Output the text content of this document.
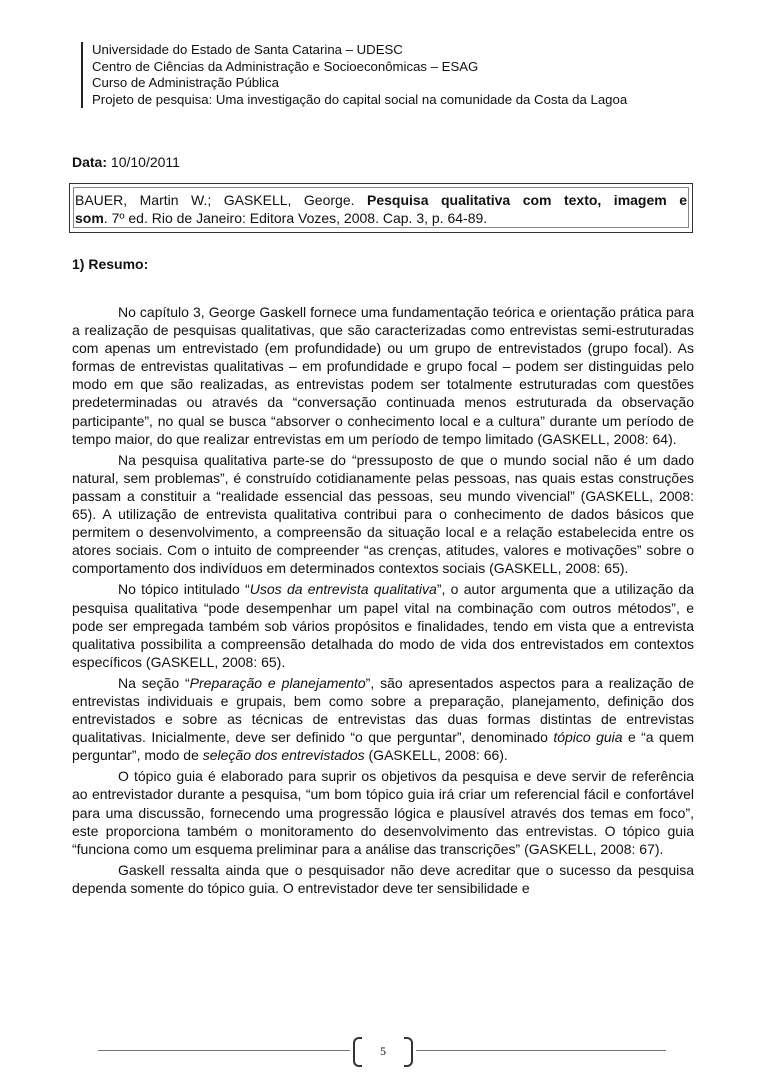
Universidade do Estado de Santa Catarina – UDESC
Centro de Ciências da Administração e Socioeconômicas – ESAG
Curso de Administração Pública
Projeto de pesquisa: Uma investigação do capital social na comunidade da Costa da Lagoa
Data: 10/10/2011

BAUER, Martin W.; GASKELL, George. Pesquisa qualitativa com texto, imagem e

som. 7º ed. Rio de Janeiro: Editora Vozes, 2008. Cap. 3, p. 64-89.

1) Resumo:

No capítulo 3, George Gaskell fornece uma fundamentação teórica e orientação prática para a realização de pesquisas qualitativas, que são caracterizadas como entrevistas semi-estruturadas com apenas um entrevistado (em profundidade) ou um grupo de entrevistados (grupo focal). As formas de entrevistas qualitativas – em profundidade e grupo focal – podem ser distinguidas pelo modo em que são realizadas, as entrevistas podem ser totalmente estruturadas com questões predeterminadas ou através da “conversação continuada menos estruturada da observação participante”, no qual se busca “absorver o conhecimento local e a cultura” durante um período de tempo maior, do que realizar entrevistas em um período de tempo limitado (GASKELL, 2008: 64).

Na pesquisa qualitativa parte-se do “pressuposto de que o mundo social não é um dado natural, sem problemas”, é construído cotidianamente pelas pessoas, nas quais estas construções passam a constituir a “realidade essencial das pessoas, seu mundo vivencial” (GASKELL, 2008: 65). A utilização de entrevista qualitativa contribui para o conhecimento de dados básicos que permitem o desenvolvimento, a compreensão da situação local e a relação estabelecida entre os atores sociais. Com o intuito de compreender “as crenças, atitudes, valores e motivações” sobre o comportamento dos indivíduos em determinados contextos sociais (GASKELL, 2008: 65).

No tópico intitulado “Usos da entrevista qualitativa”, o autor argumenta que a utilização da pesquisa qualitativa “pode desempenhar um papel vital na combinação com outros métodos”, e pode ser empregada também sob vários propósitos e finalidades, tendo em vista que a entrevista qualitativa possibilita a compreensão detalhada do modo de vida dos entrevistados em contextos específicos (GASKELL, 2008: 65).

Na seção “Preparação e planejamento”, são apresentados aspectos para a realização de entrevistas individuais e grupais, bem como sobre a preparação, planejamento, definição dos entrevistados e sobre as técnicas de entrevistas das duas formas distintas de entrevistas qualitativas. Inicialmente, deve ser definido “o que perguntar”, denominado tópico guia e “a quem perguntar”, modo de seleção dos entrevistados (GASKELL, 2008: 66).

O tópico guia é elaborado para suprir os objetivos da pesquisa e deve servir de referência ao entrevistador durante a pesquisa, “um bom tópico guia irá criar um referencial fácil e confortável para uma discussão, fornecendo uma progressão lógica e plausível através dos temas em foco”, este proporciona também o monitoramento do desenvolvimento das entrevistas. O tópico guia “funciona como um esquema preliminar para a análise das transcrições” (GASKELL, 2008: 67).

Gaskell ressalta ainda que o pesquisador não deve acreditar que o sucesso da pesquisa dependa somente do tópico guia. O entrevistador deve ter sensibilidade e

5
